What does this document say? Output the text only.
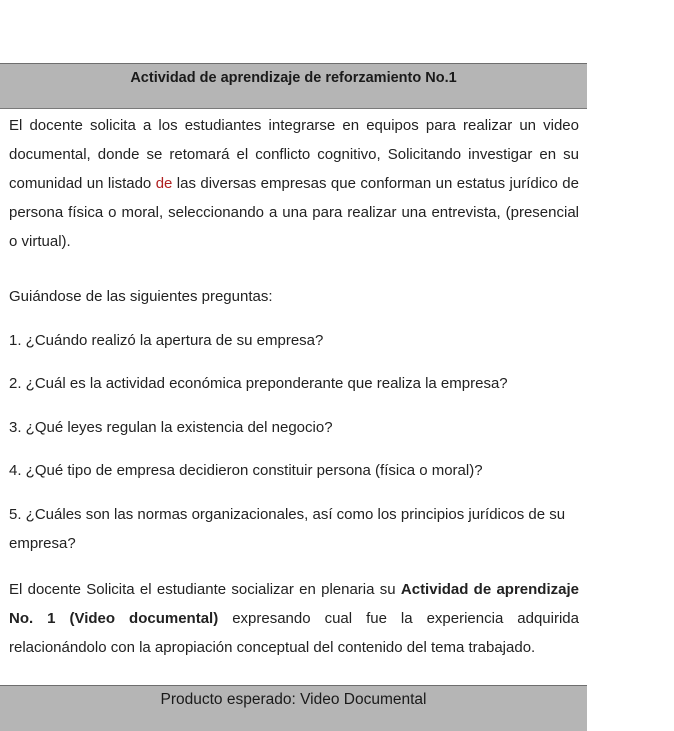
Actividad de aprendizaje de reforzamiento No.1

El docente solicita a los estudiantes integrarse en equipos para realizar un video documental, donde se retomará el conflicto cognitivo, Solicitando investigar en su comunidad un listado de las diversas empresas que conforman un estatus jurídico de persona física o moral, seleccionando a una para realizar una entrevista, (presencial o virtual).

Guiándose de las siguientes preguntas:

1. ¿Cuándo realizó la apertura de su empresa?

2. ¿Cuál es la actividad económica preponderante que realiza la empresa?

3. ¿Qué leyes regulan la existencia del negocio?

4. ¿Qué tipo de empresa decidieron constituir persona (física o moral)?

5. ¿Cuáles son las normas organizacionales, así como los principios jurídicos de su empresa?

El docente Solicita el estudiante socializar en plenaria su Actividad de aprendizaje No. 1 (Video documental) expresando cual fue la experiencia adquirida relacionándolo con la apropiación conceptual del contenido del tema trabajado.

Producto esperado: Video Documental
